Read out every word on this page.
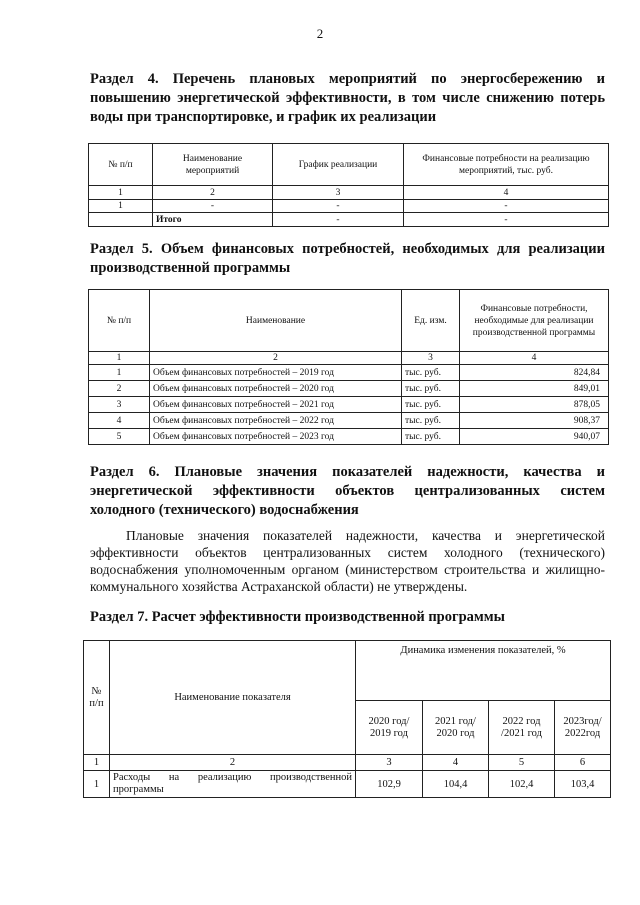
2
Раздел 4. Перечень плановых мероприятий по энергосбережению и повышению энергетической эффективности, в том числе снижению потерь воды при транспортировке, и график их реализации
№ п/п	Наименование мероприятий	График реализации	Финансовые потребности на реализацию мероприятий, тыс. руб.
1	2	3	4
1	-	-	-
	Итого	-	-
Раздел 5. Объем финансовых потребностей, необходимых для реализации производственной программы
№ п/п	Наименование	Ед. изм.	Финансовые потребности, необходимые для реализации производственной программы
1	2	3	4
1	Объем финансовых потребностей – 2019 год	тыс. руб.	824,84
2	Объем финансовых потребностей – 2020 год	тыс. руб.	849,01
3	Объем финансовых потребностей – 2021 год	тыс. руб.	878,05
4	Объем финансовых потребностей – 2022 год	тыс. руб.	908,37
5	Объем финансовых потребностей – 2023 год	тыс. руб.	940,07
Раздел 6. Плановые значения показателей надежности, качества и энергетической эффективности объектов централизованных систем холодного (технического) водоснабжения
Плановые значения показателей надежности, качества и энергетической эффективности объектов централизованных систем холодного (технического) водоснабжения уполномоченным органом (министерством строительства и жилищно-коммунального хозяйства Астраханской области) не утверждены.
Раздел 7. Расчет эффективности производственной программы
№ п/п	Наименование показателя	Динамика изменения показателей, %			
		2020 год/ 2019 год	2021 год/ 2020 год	2022 год /2021 год	2023год/ 2022год
1	2	3	4	5	6
1	Расходы на реализацию производственной программы	102,9	104,4	102,4	103,4
